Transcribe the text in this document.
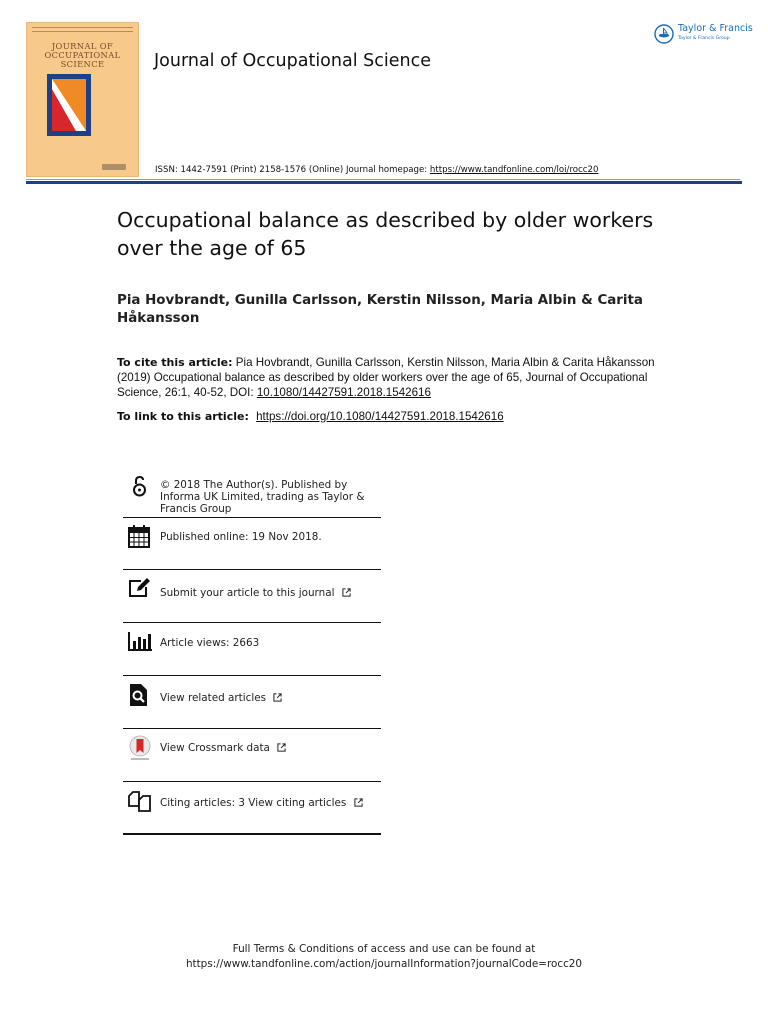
JOURNAL OF
OCCUPATIONAL
SCIENCE	Journal of Occupational Science
ISSN: 1442-7591 (Print) 2158-1576 (Online) Journal homepage: https://www.tandfonline.com/loi/rocc20
Taylor & Francis
Taylor & Francis Group
Occupational balance as described by older workers over the age of 65
Pia Hovbrandt, Gunilla Carlsson, Kerstin Nilsson, Maria Albin & Carita Håkansson
To cite this article: Pia Hovbrandt, Gunilla Carlsson, Kerstin Nilsson, Maria Albin & Carita Håkansson (2019) Occupational balance as described by older workers over the age of 65, Journal of Occupational Science, 26:1, 40-52, DOI: 10.1080/14427591.2018.1542616
To link to this article: https://doi.org/10.1080/14427591.2018.1542616
© 2018 The Author(s). Published by Informa UK Limited, trading as Taylor & Francis Group
Published online: 19 Nov 2018.
Submit your article to this journal
Article views: 2663
View related articles
View Crossmark data
Citing articles: 3 View citing articles
Full Terms & Conditions of access and use can be found at
https://www.tandfonline.com/action/journalInformation?journalCode=rocc20
